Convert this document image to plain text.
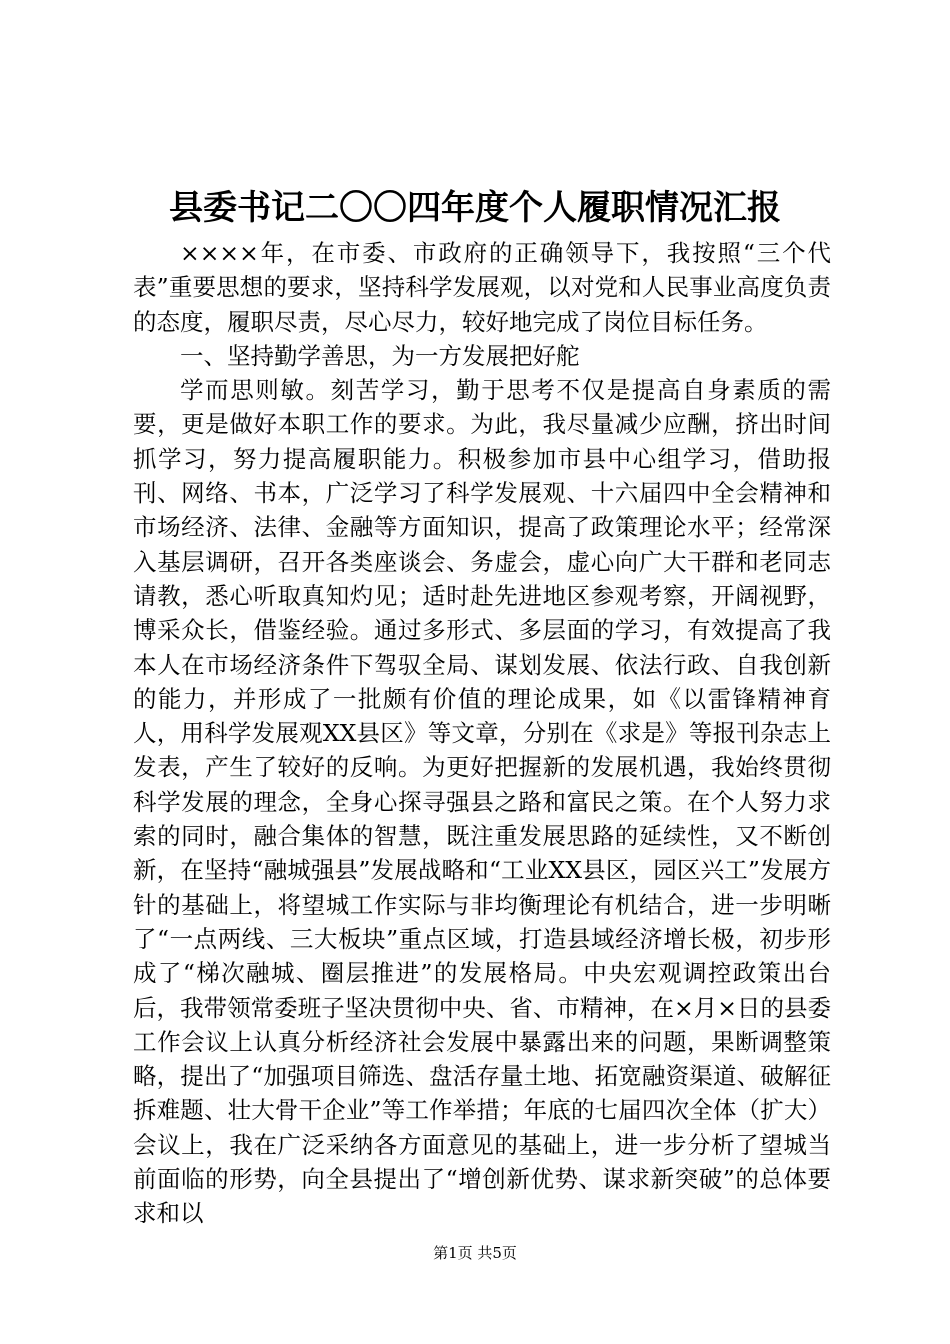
县委书记二〇〇四年度个人履职情况汇报

××××年，在市委、市政府的正确领导下，我按照“三个代表”重要思想的要求，坚持科学发展观，以对党和人民事业高度负责的态度，履职尽责，尽心尽力，较好地完成了岗位目标任务。

一、坚持勤学善思，为一方发展把好舵

学而思则敏。刻苦学习，勤于思考不仅是提高自身素质的需要，更是做好本职工作的要求。为此，我尽量减少应酬，挤出时间抓学习，努力提高履职能力。积极参加市县中心组学习，借助报刊、网络、书本，广泛学习了科学发展观、十六届四中全会精神和市场经济、法律、金融等方面知识，提高了政策理论水平；经常深入基层调研，召开各类座谈会、务虚会，虚心向广大干群和老同志请教，悉心听取真知灼见；适时赴先进地区参观考察，开阔视野，博采众长，借鉴经验。通过多形式、多层面的学习，有效提高了我本人在市场经济条件下驾驭全局、谋划发展、依法行政、自我创新的能力，并形成了一批颇有价值的理论成果，如《以雷锋精神育人，用科学发展观XX县区》等文章，分别在《求是》等报刊杂志上发表，产生了较好的反响。为更好把握新的发展机遇，我始终贯彻科学发展的理念，全身心探寻强县之路和富民之策。在个人努力求索的同时，融合集体的智慧，既注重发展思路的延续性，又不断创新，在坚持“融城强县”发展战略和“工业XX县区，园区兴工”发展方针的基础上，将望城工作实际与非均衡理论有机结合，进一步明晰了“一点两线、三大板块”重点区域，打造县域经济增长极，初步形成了“梯次融城、圈层推进”的发展格局。中央宏观调控政策出台后，我带领常委班子坚决贯彻中央、省、市精神，在×月×日的县委工作会议上认真分析经济社会发展中暴露出来的问题，果断调整策略，提出了“加强项目筛选、盘活存量土地、拓宽融资渠道、破解征拆难题、壮大骨干企业”等工作举措；年底的七届四次全体（扩大）会议上，我在广泛采纳各方面意见的基础上，进一步分析了望城当前面临的形势，向全县提出了“增创新优势、谋求新突破”的总体要求和以

第1页 共5页
